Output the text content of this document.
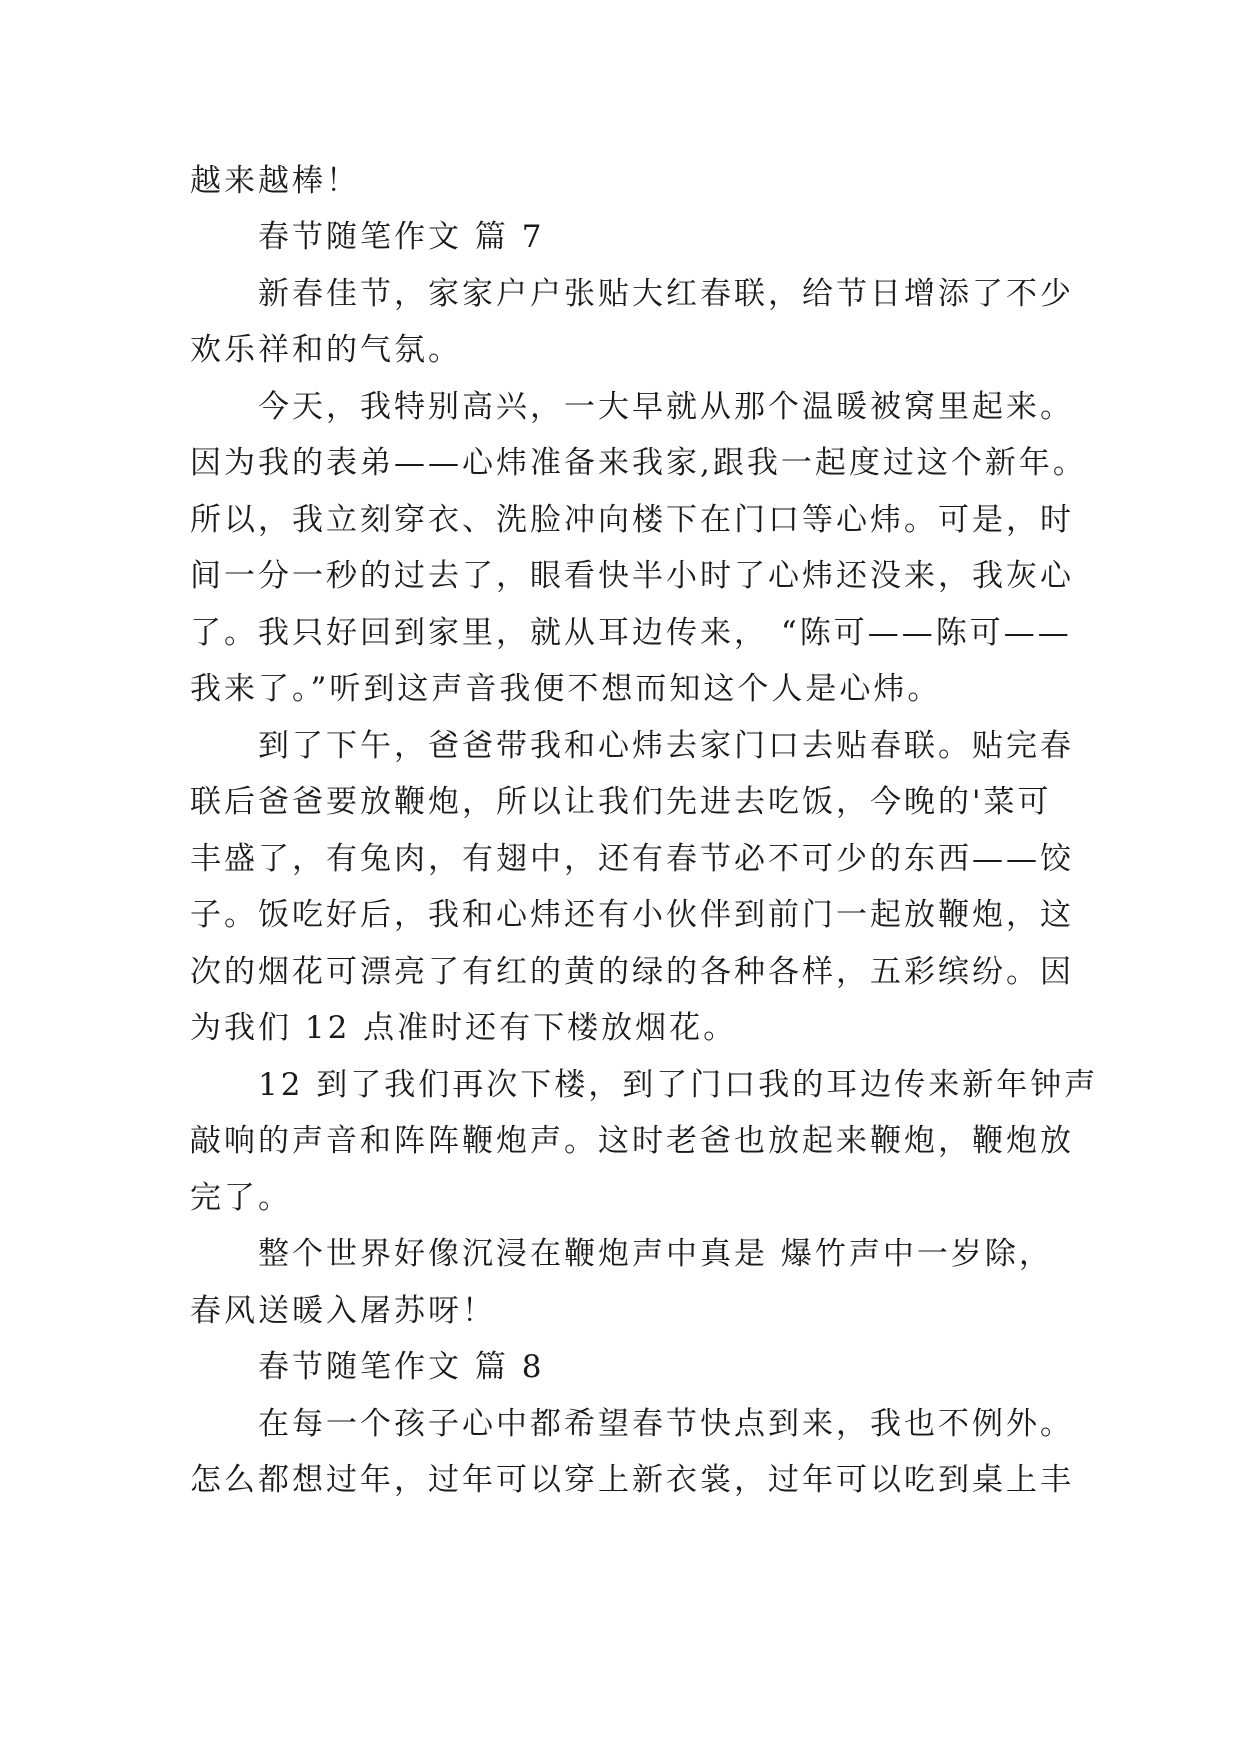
越来越棒！
春节随笔作文 篇 7
新春佳节，家家户户张贴大红春联，给节日增添了不少
欢乐祥和的气氛。
今天，我特别高兴，一大早就从那个温暖被窝里起来。
因为我的表弟——心炜准备来我家,跟我一起度过这个新年。
所以，我立刻穿衣、洗脸冲向楼下在门口等心炜。可是，时
间一分一秒的过去了，眼看快半小时了心炜还没来，我灰心
了。我只好回到家里，就从耳边传来， “陈可——陈可——
我来了。”听到这声音我便不想而知这个人是心炜。
到了下午，爸爸带我和心炜去家门口去贴春联。贴完春
联后爸爸要放鞭炮，所以让我们先进去吃饭，今晚的'菜可
丰盛了，有兔肉，有翅中，还有春节必不可少的东西——饺
子。饭吃好后，我和心炜还有小伙伴到前门一起放鞭炮，这
次的烟花可漂亮了有红的黄的绿的各种各样，五彩缤纷。因
为我们 12 点准时还有下楼放烟花。
12 到了我们再次下楼，到了门口我的耳边传来新年钟声
敲响的声音和阵阵鞭炮声。这时老爸也放起来鞭炮，鞭炮放
完了。
整个世界好像沉浸在鞭炮声中真是 爆竹声中一岁除，
春风送暖入屠苏呀！
春节随笔作文 篇 8
在每一个孩子心中都希望春节快点到来，我也不例外。
怎么都想过年，过年可以穿上新衣裳，过年可以吃到桌上丰
